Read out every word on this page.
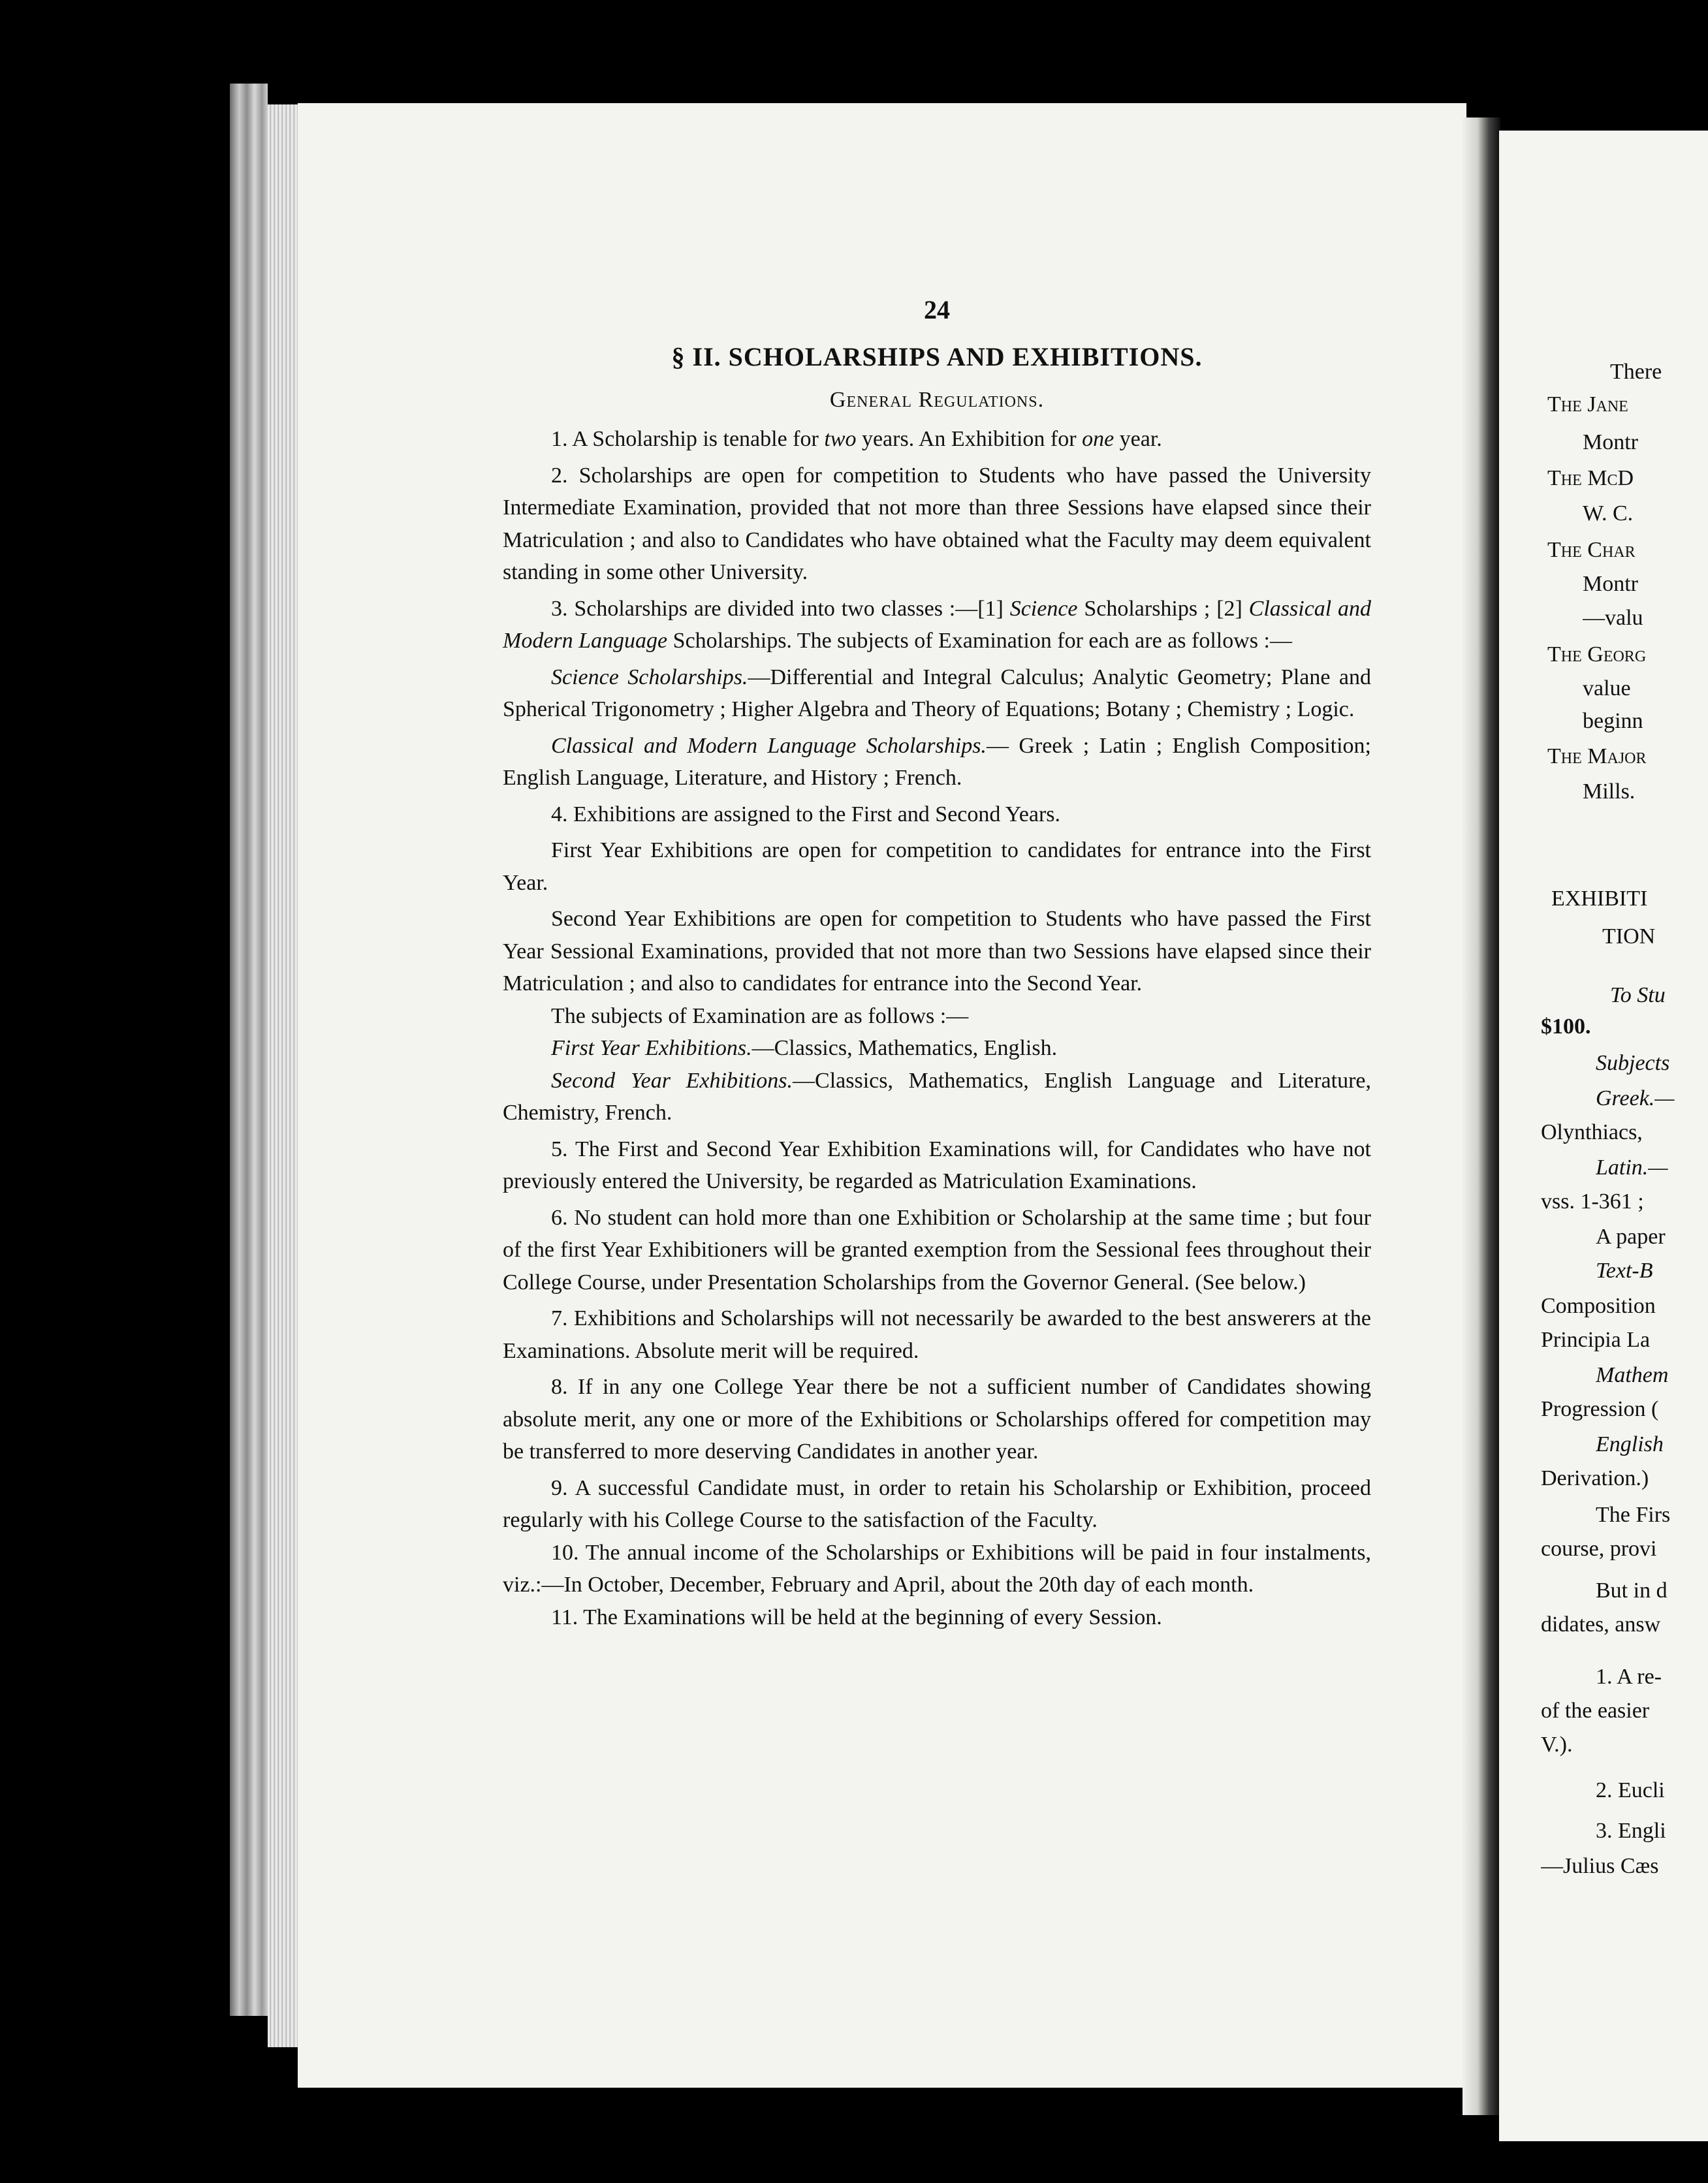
24
§ II. SCHOLARSHIPS AND EXHIBITIONS.
General Regulations.

1. A Scholarship is tenable for two years. An Exhibition for one year.

2. Scholarships are open for competition to Students who have passed the University Intermediate Examination, provided that not more than three Sessions have elapsed since their Matriculation ; and also to Candidates who have obtained what the Faculty may deem equivalent standing in some other University.

3. Scholarships are divided into two classes :—[1] Science Scholarships ; [2] Classical and Modern Language Scholarships. The subjects of Examination for each are as follows :—

Science Scholarships.—Differential and Integral Calculus; Analytic Geometry; Plane and Spherical Trigonometry ; Higher Algebra and Theory of Equations; Botany ; Chemistry ; Logic.

Classical and Modern Language Scholarships.— Greek ; Latin ; English Composition; English Language, Literature, and History ; French.

4. Exhibitions are assigned to the First and Second Years.

First Year Exhibitions are open for competition to candidates for entrance into the First Year.

Second Year Exhibitions are open for competition to Students who have passed the First Year Sessional Examinations, provided that not more than two Sessions have elapsed since their Matriculation ; and also to candidates for entrance into the Second Year.

The subjects of Examination are as follows :—

First Year Exhibitions.—Classics, Mathematics, English.

Second Year Exhibitions.—Classics, Mathematics, English Language and Literature, Chemistry, French.

5. The First and Second Year Exhibition Examinations will, for Candidates who have not previously entered the University, be regarded as Matriculation Examinations.

6. No student can hold more than one Exhibition or Scholarship at the same time ; but four of the first Year Exhibitioners will be granted exemption from the Sessional fees throughout their College Course, under Presentation Scholarships from the Governor General. (See below.)

7. Exhibitions and Scholarships will not necessarily be awarded to the best answerers at the Examinations. Absolute merit will be required.

8. If in any one College Year there be not a sufficient number of Candidates showing absolute merit, any one or more of the Exhibitions or Scholarships offered for competition may be transferred to more deserving Candidates in another year.

9. A successful Candidate must, in order to retain his Scholarship or Exhibition, proceed regularly with his College Course to the satisfaction of the Faculty.

10. The annual income of the Scholarships or Exhibitions will be paid in four instalments, viz.:—In October, December, February and April, about the 20th day of each month.

11. The Examinations will be held at the beginning of every Session.

There
The Jane
Montr
The McD
W. C.
The Char
Montr
—valu
The Georg
value
beginn
The Major
Mills.
EXHIBITI
TION
To Stu
$100.
Subjects
Greek.—
Olynthiacs,
Latin.—
vss. 1-361 ;
A paper
Text-B
Composition
Principia La
Mathem
Progression (
English
Derivation.)
The Firs
course, provi
But in d
didates, answ
1. A re-
of the easier
V.).
2. Eucli
3. Engli
—Julius Cæs
